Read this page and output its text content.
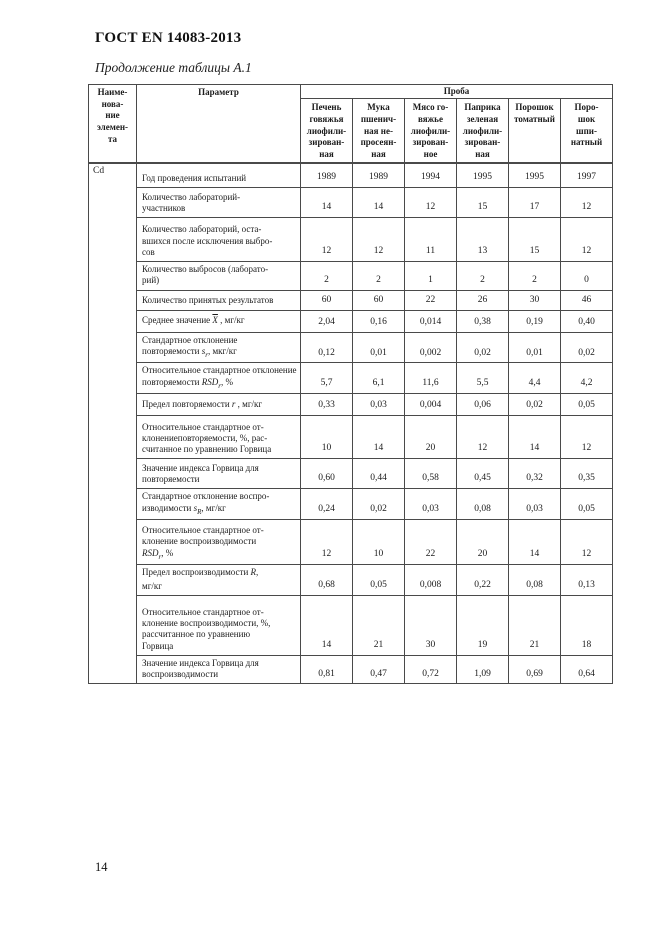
ГОСТ EN 14083-2013
Продолжение таблицы А.1
Наиме-
нова-
ние
элемен-
та	Параметр	Проба					
		Печень
говяжья
лиофили-
зирован-
ная	Мука
пшенич-
ная не-
просеян-
ная	Мясо го-
вяжье
лиофили-
зирован-
ное	Паприка
зеленая
лиофили-
зирован-
ная	Порошок
томатный	Поро-
шок
шпи-
натный
Cd	Год проведения испытаний	1989	1989	1994	1995	1995	1997
	Количество лабораторий-
участников	14	14	12	15	17	12
	Количество лабораторий, оста-
вшихся после исключения выбро-
сов	12	12	11	13	15	12
	Количество выбросов (лаборато-
рий)	2	2	1	2	2	0
	Количество принятых результатов	60	60	22	26	30	46
	Среднее значение $\overline{X}$ , мг/кг	2,04	0,16	0,014	0,38	0,19	0,40
	Стандартное отклонение повторяемости $s_r$, мкг/кг	0,12	0,01	0,002	0,02	0,01	0,02
	Относительное стандартное отклонение повторяемости $RSD_r$, %	5,7	6,1	11,6	5,5	4,4	4,2
	Предел повторяемости r , мг/кг	0,33	0,03	0,004	0,06	0,02	0,05
	Относительное стандартное от-
клонениеповторяемости, %, рас-
считанное по уравнению Горвица	10	14	20	12	14	12
	Значение индекса Горвица для
повторяемости	0,60	0,44	0,58	0,45	0,32	0,35
	Стандартное отклонение воспро-
изводимости $s_R$, мг/кг	0,24	0,02	0,03	0,08	0,03	0,05
	Относительное стандартное от-
клонение воспроизводимости
$RSD_r$, %	12	10	22	20	14	12
	Предел воспроизводимости R,
мг/кг	0,68	0,05	0,008	0,22	0,08	0,13
	Относительное стандартное от-
клонение воспроизводимости, %,
рассчитанное по уравнению
Горвица	14	21	30	19	21	18
	Значение индекса Горвица для
воспроизводимости	0,81	0,47	0,72	1,09	0,69	0,64
14
